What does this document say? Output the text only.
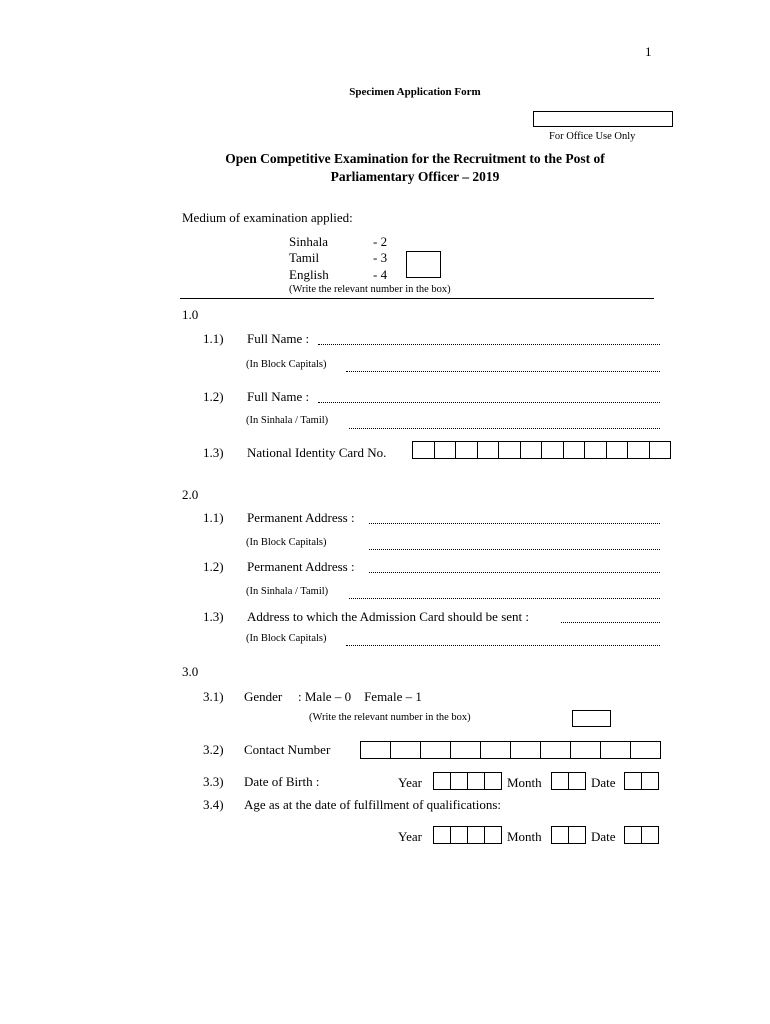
1
Specimen Application Form
For Office Use Only
Open Competitive Examination for the Recruitment to the Post of
Parliamentary Officer – 2019
Medium of examination applied:
Sinhala	- 2
Tamil	- 3
English	- 4
(Write the relevant number in the box)
1.0
1.1) Full Name :
(In Block Capitals)
1.2) Full Name :
(In Sinhala / Tamil)
1.3) National Identity Card No.
2.0
1.1) Permanent Address :
(In Block Capitals)
1.2) Permanent Address :
(In Sinhala / Tamil)
1.3) Address to which the Admission Card should be sent :
(In Block Capitals)
3.0
3.1) Gender : Male – 0    Female – 1
(Write the relevant number in the box)
3.2) Contact Number
3.3) Date of Birth :	Year	Month	Date
3.4) Age as at the date of fulfillment of qualifications:
Year	Month	Date
